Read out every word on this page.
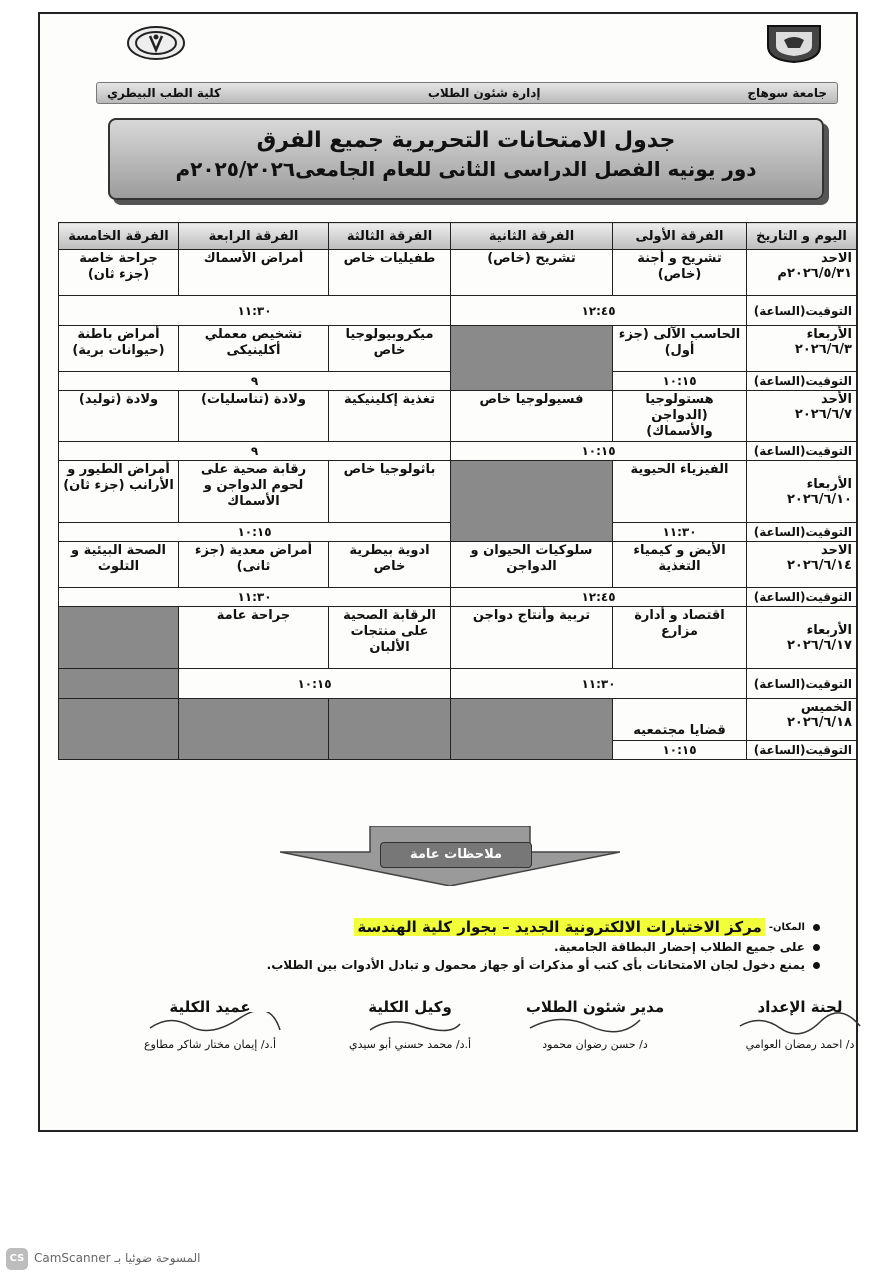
جامعة سوهاج
إدارة شئون الطلاب
كلية الطب البيطري
جدول الامتحانات التحريرية جميع الفرق
دور يونيه الفصل الدراسى الثانى للعام الجامعى٢٠٢٥/٢٠٢٦م
اليوم و التاريخ	الفرقة الأولى	الفرقة الثانية	الفرقة الثالثة	الفرقة الرابعة	الفرقة الخامسة
الاحد
٢٠٢٦/٥/٣١م	تشريح و أجنة (خاص)	تشريح (خاص)	طفيليات خاص	أمراض الأسماك	جراحة خاصة (جزء ثان)
التوقيت(الساعة)	١٢:٤٥		١١:٣٠		
الأربعاء
٢٠٢٦/٦/٣	الحاسب الآلى (جزء أول)		ميكروبيولوجيا خاص	تشخيص معملي أكلينيكى	أمراض باطنة (حيوانات برية)
التوقيت(الساعة)	١٠:١٥		٩		
الأحد
٢٠٢٦/٦/٧	هستولوجيا (الدواجن والأسماك)	فسيولوجيا خاص	تغذية إكلينيكية	ولادة (تناسليات)	ولادة (توليد)
التوقيت(الساعة)	١٠:١٥		٩		
الأربعاء
٢٠٢٦/٦/١٠	الفيزياء الحيوية		باثولوجيا خاص	رقابة صحية على لحوم الدواجن و الأسماك	أمراض الطيور و الأرانب (جزء ثان)
التوقيت(الساعة)	١١:٣٠		١٠:١٥		
الاحد
٢٠٢٦/٦/١٤	الأيض و كيمياء التغذية	سلوكيات الحيوان و الدواجن	ادوية بيطرية خاص	أمراض معدية (جزء ثانى)	الصحة البيئية و التلوث
التوقيت(الساعة)	١٢:٤٥		١١:٣٠		
الأربعاء
٢٠٢٦/٦/١٧	اقتصاد و أدارة مزارع	تربية وأنتاج دواجن	الرقابة الصحية على منتجات الألبان	جراحة عامة	
التوقيت(الساعة)	١١:٣٠		١٠:١٥		
الخميس
٢٠٢٦/٦/١٨	قضايا مجتمعيه				
التوقيت(الساعة)	١٠:١٥				
ملاحظات عامة
المكان-
مركز الاختبارات الالكترونية الجديد – بجوار كلية الهندسة
على جميع الطلاب إحضار البطاقة الجامعية.
يمنع دخول لجان الامتحانات بأى كتب أو مذكرات أو جهاز محمول و تبادل الأدوات بين الطلاب.
لجنة الإعداد
د/ احمد رمضان العوامي
مدير شئون الطلاب
د/ حسن رضوان محمود
وكيل الكلية
أ.د/ محمد حسني أبو سيدي
عميد الكلية
أ.د/ إيمان مختار شاكر مطاوع
CS المسوحة ضوئيا بـ CamScanner
